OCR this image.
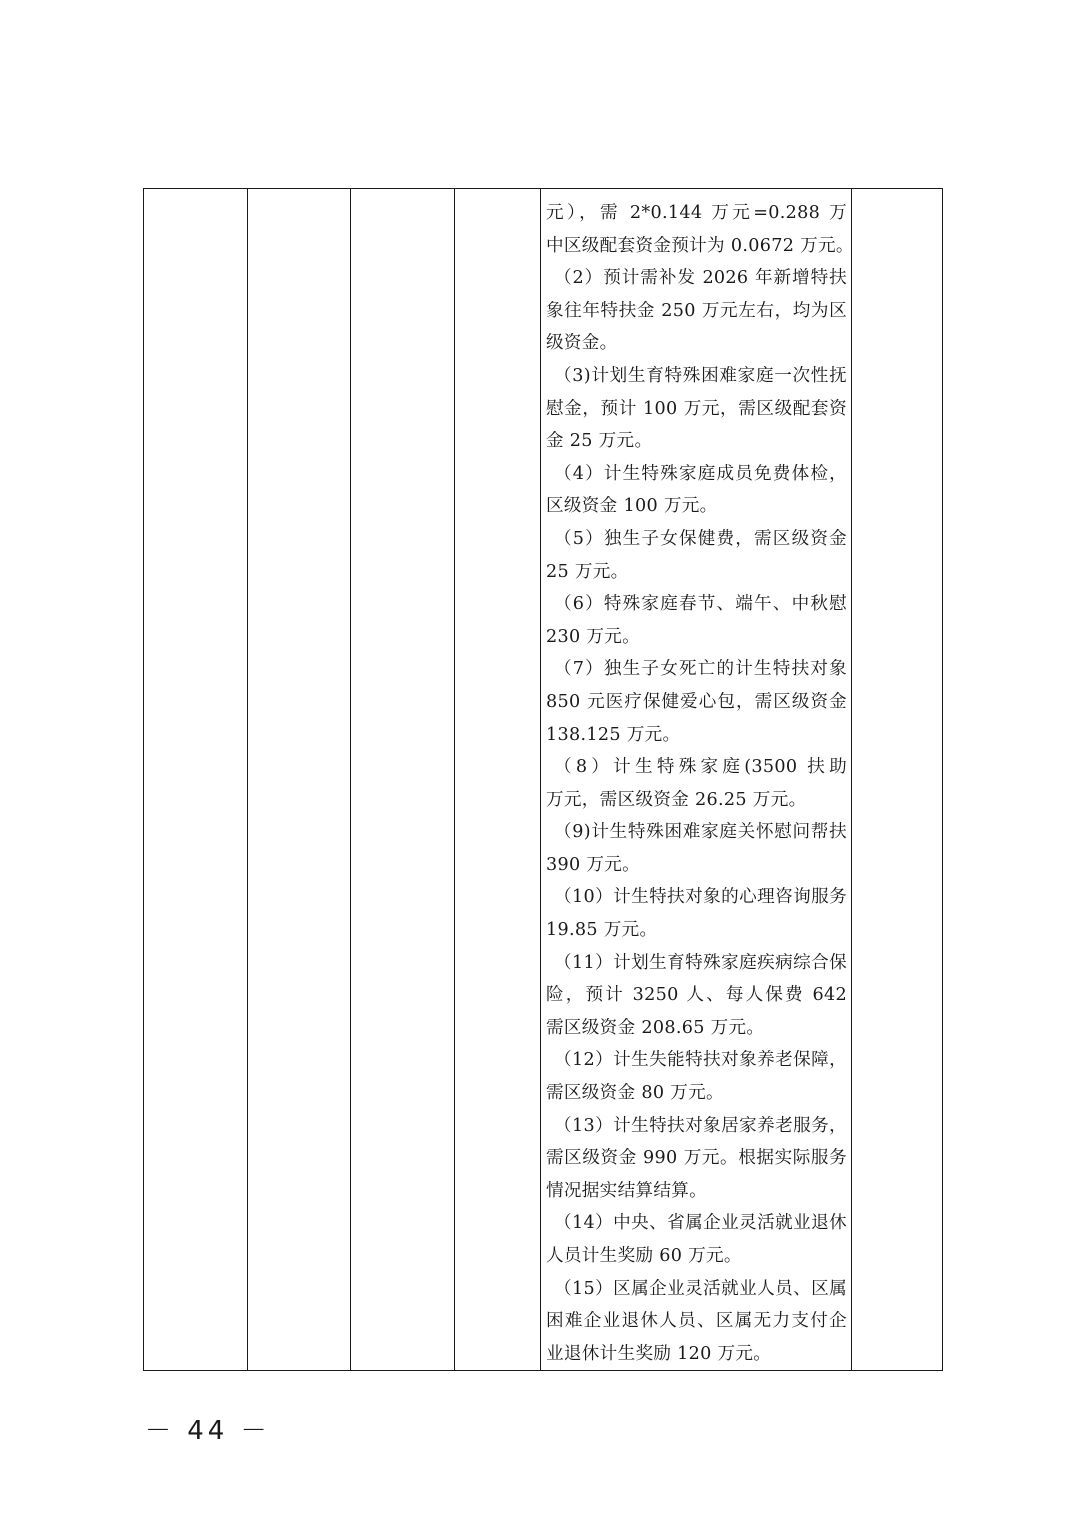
元），需 2*0.144 万元=0.288 万
中区级配套资金预计为 0.0672 万元。
（2）预计需补发 2026 年新增特扶
象往年特扶金 250 万元左右，均为区
级资金。
（3)计划生育特殊困难家庭一次性抚
慰金，预计 100 万元，需区级配套资
金 25 万元。
（4）计生特殊家庭成员免费体检，
区级资金 100 万元。
（5）独生子女保健费，需区级资金
25 万元。
（6）特殊家庭春节、端午、中秋慰
230 万元。
（7）独生子女死亡的计生特扶对象
850 元医疗保健爱心包，需区级资金
138.125 万元。
（8）计生特殊家庭(3500 扶助
万元，需区级资金 26.25 万元。
（9)计生特殊困难家庭关怀慰问帮扶
390 万元。
（10）计生特扶对象的心理咨询服务
19.85 万元。
（11）计划生育特殊家庭疾病综合保
险，预计 3250 人、每人保费 642
需区级资金 208.65 万元。
（12）计生失能特扶对象养老保障，
需区级资金 80 万元。
（13）计生特扶对象居家养老服务，
需区级资金 990 万元。根据实际服务
情况据实结算结算。
（14）中央、省属企业灵活就业退休
人员计生奖励 60 万元。
（15）区属企业灵活就业人员、区属
困难企业退休人员、区属无力支付企
业退休计生奖励 120 万元。

－ 44 －
